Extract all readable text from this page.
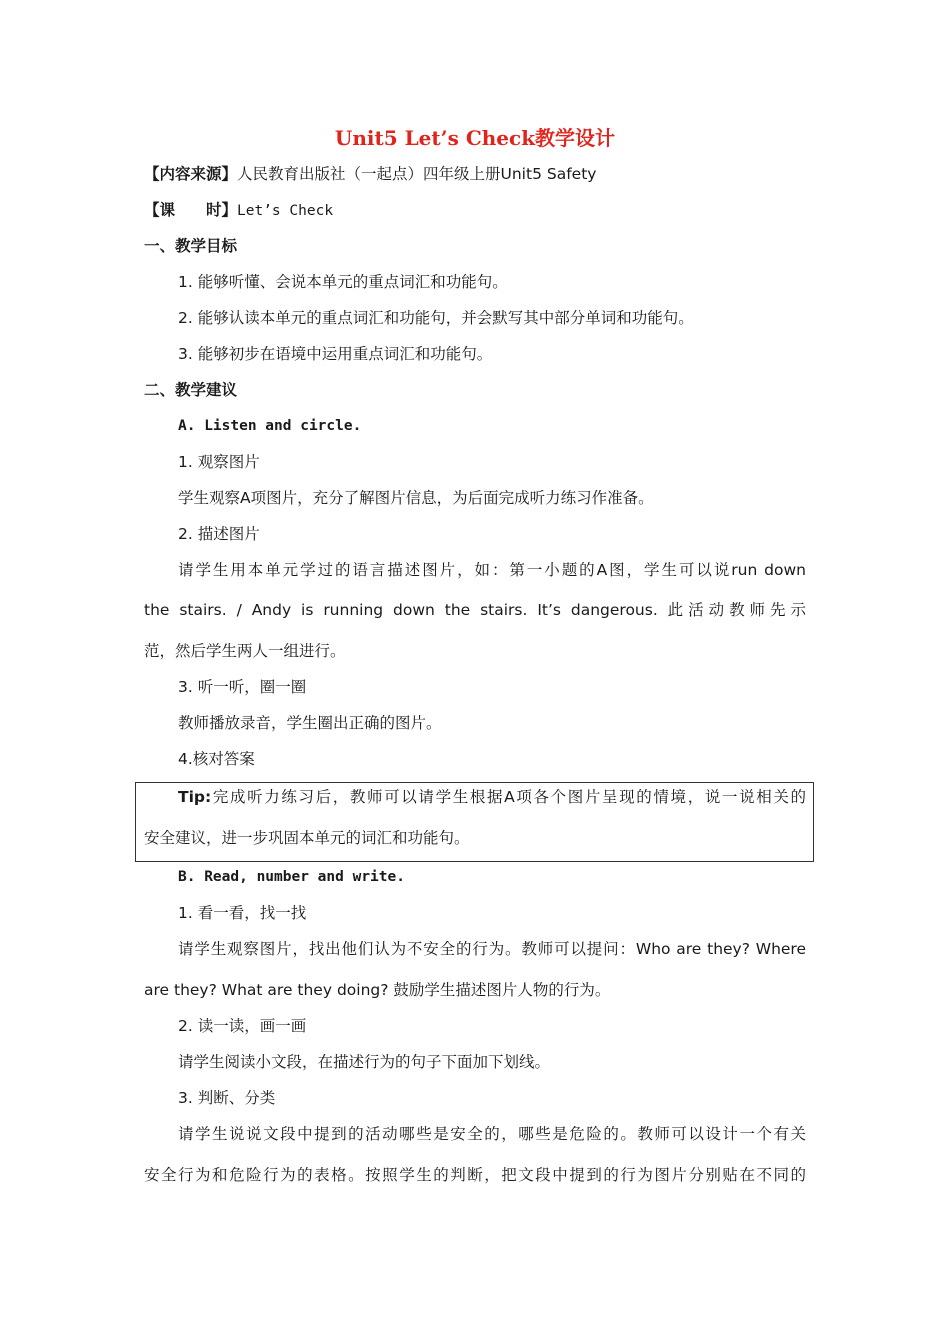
Unit5 Let’s Check教学设计
【内容来源】人民教育出版社（一起点）四年级上册Unit5 Safety
【课　　时】Let’s Check
一、教学目标
1. 能够听懂、会说本单元的重点词汇和功能句。
2. 能够认读本单元的重点词汇和功能句，并会默写其中部分单词和功能句。
3. 能够初步在语境中运用重点词汇和功能句。
二、教学建议
A. Listen and circle.
1. 观察图片
学生观察A项图片，充分了解图片信息，为后面完成听力练习作准备。
2. 描述图片
请学生用本单元学过的语言描述图片，如：第一小题的A图，学生可以说run down
the stairs. / Andy is running down the stairs. It’s dangerous. 此活动教师先示
范，然后学生两人一组进行。
3. 听一听，圈一圈
教师播放录音，学生圈出正确的图片。
4.核对答案
Tip:完成听力练习后，教师可以请学生根据A项各个图片呈现的情境，说一说相关的
安全建议，进一步巩固本单元的词汇和功能句。
B. Read, number and write.
1. 看一看，找一找
请学生观察图片，找出他们认为不安全的行为。教师可以提问：Who are they? Where
are they? What are they doing? 鼓励学生描述图片人物的行为。
2. 读一读，画一画
请学生阅读小文段，在描述行为的句子下面加下划线。
3. 判断、分类
请学生说说文段中提到的活动哪些是安全的，哪些是危险的。教师可以设计一个有关
安全行为和危险行为的表格。按照学生的判断，把文段中提到的行为图片分别贴在不同的
